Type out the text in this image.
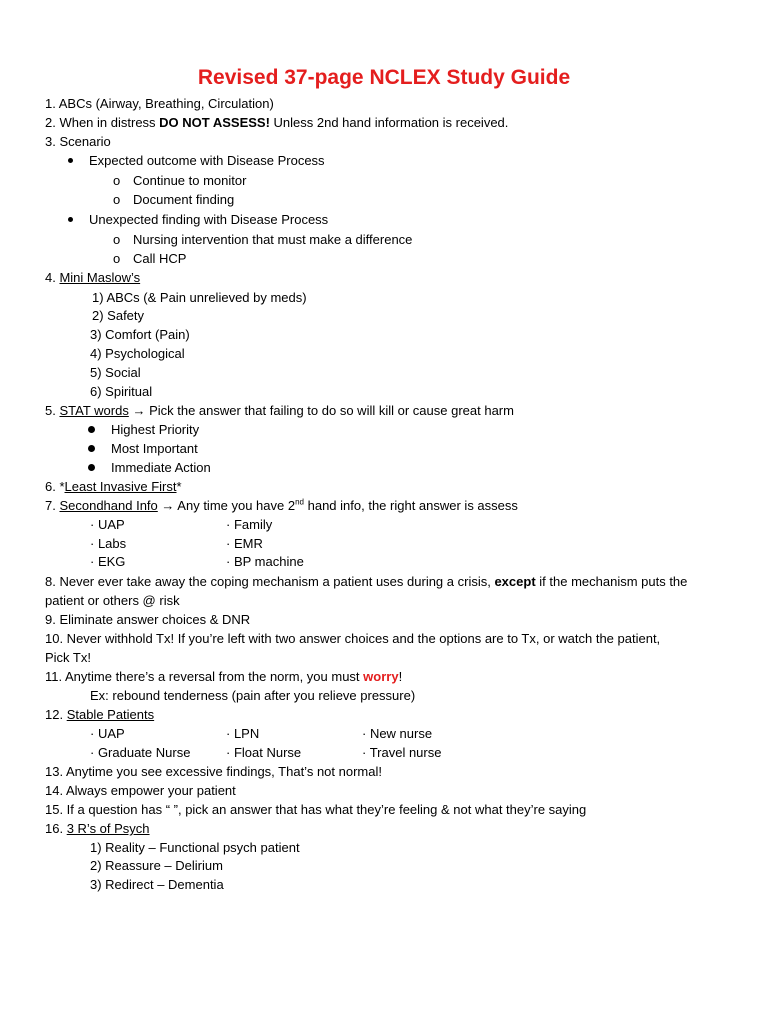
Revised 37-page NCLEX Study Guide
1. ABCs (Airway, Breathing, Circulation)
2. When in distress DO NOT ASSESS! Unless 2nd hand information is received.
3. Scenario
Expected outcome with Disease Process
o Continue to monitor
o Document finding
Unexpected finding with Disease Process
o Nursing intervention that must make a difference
o Call HCP
4. Mini Maslow’s
1) ABCs (& Pain unrelieved by meds)
2) Safety
3) Comfort (Pain)
4) Psychological
5) Social
6) Spiritual
5. STAT words → Pick the answer that failing to do so will kill or cause great harm
Highest Priority
Most Important
Immediate Action
6. *Least Invasive First*
7. Secondhand Info → Any time you have 2nd hand info, the right answer is assess
· UAP
· Labs
· EKG
· Family
· EMR
· BP machine
8. Never ever take away the coping mechanism a patient uses during a crisis, except if the mechanism puts the
patient or others @ risk
9. Eliminate answer choices & DNR
10. Never withhold Tx! If you’re left with two answer choices and the options are to Tx, or watch the patient,
Pick Tx!
11. Anytime there’s a reversal from the norm, you must worry!
Ex: rebound tenderness (pain after you relieve pressure)
12. Stable Patients
· UAP
· Graduate Nurse
· LPN
· Float Nurse
· New nurse
· Travel nurse
13. Anytime you see excessive findings, That’s not normal!
14. Always empower your patient
15. If a question has “ ”, pick an answer that has what they’re feeling & not what they’re saying
16. 3 R’s of Psych
1) Reality – Functional psych patient
2) Reassure – Delirium
3) Redirect – Dementia
